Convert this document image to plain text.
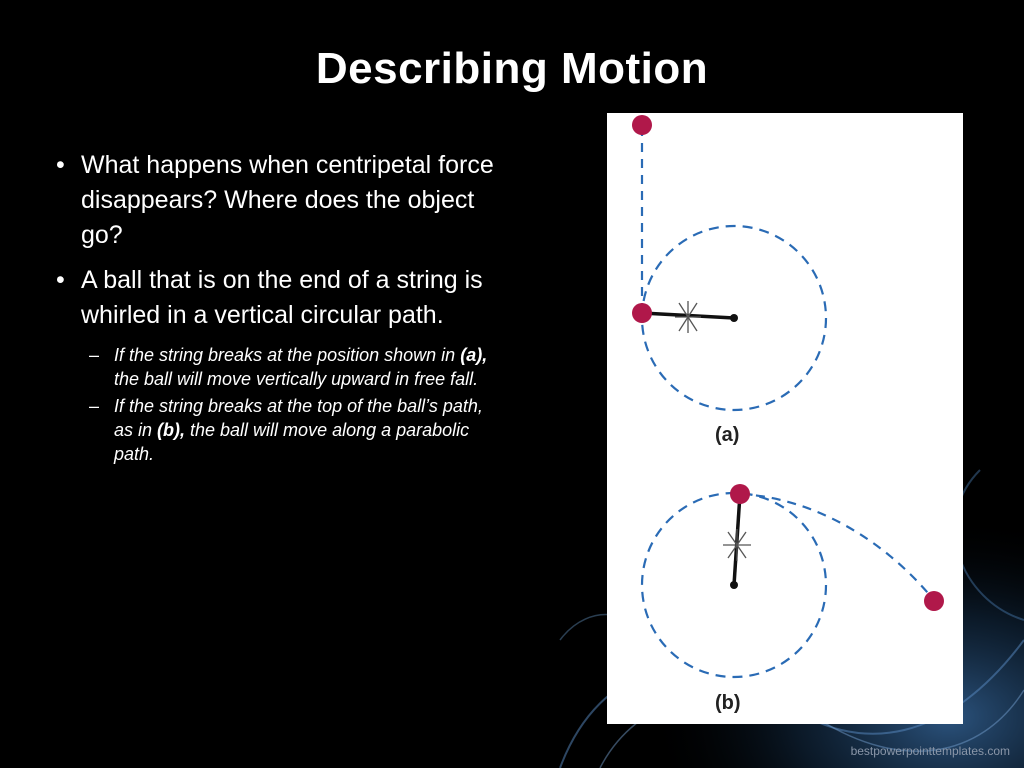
Describing Motion
• What happens when centripetal force disappears? Where does the object go?
• A ball that is on the end of a string is whirled in a vertical circular path.
– If the string breaks at the position shown in (a), the ball will move vertically upward in free fall.
– If the string breaks at the top of the ball’s path, as in (b), the ball will move along a parabolic path.
(a)
(b)
bestpowerpointtemplates.com
